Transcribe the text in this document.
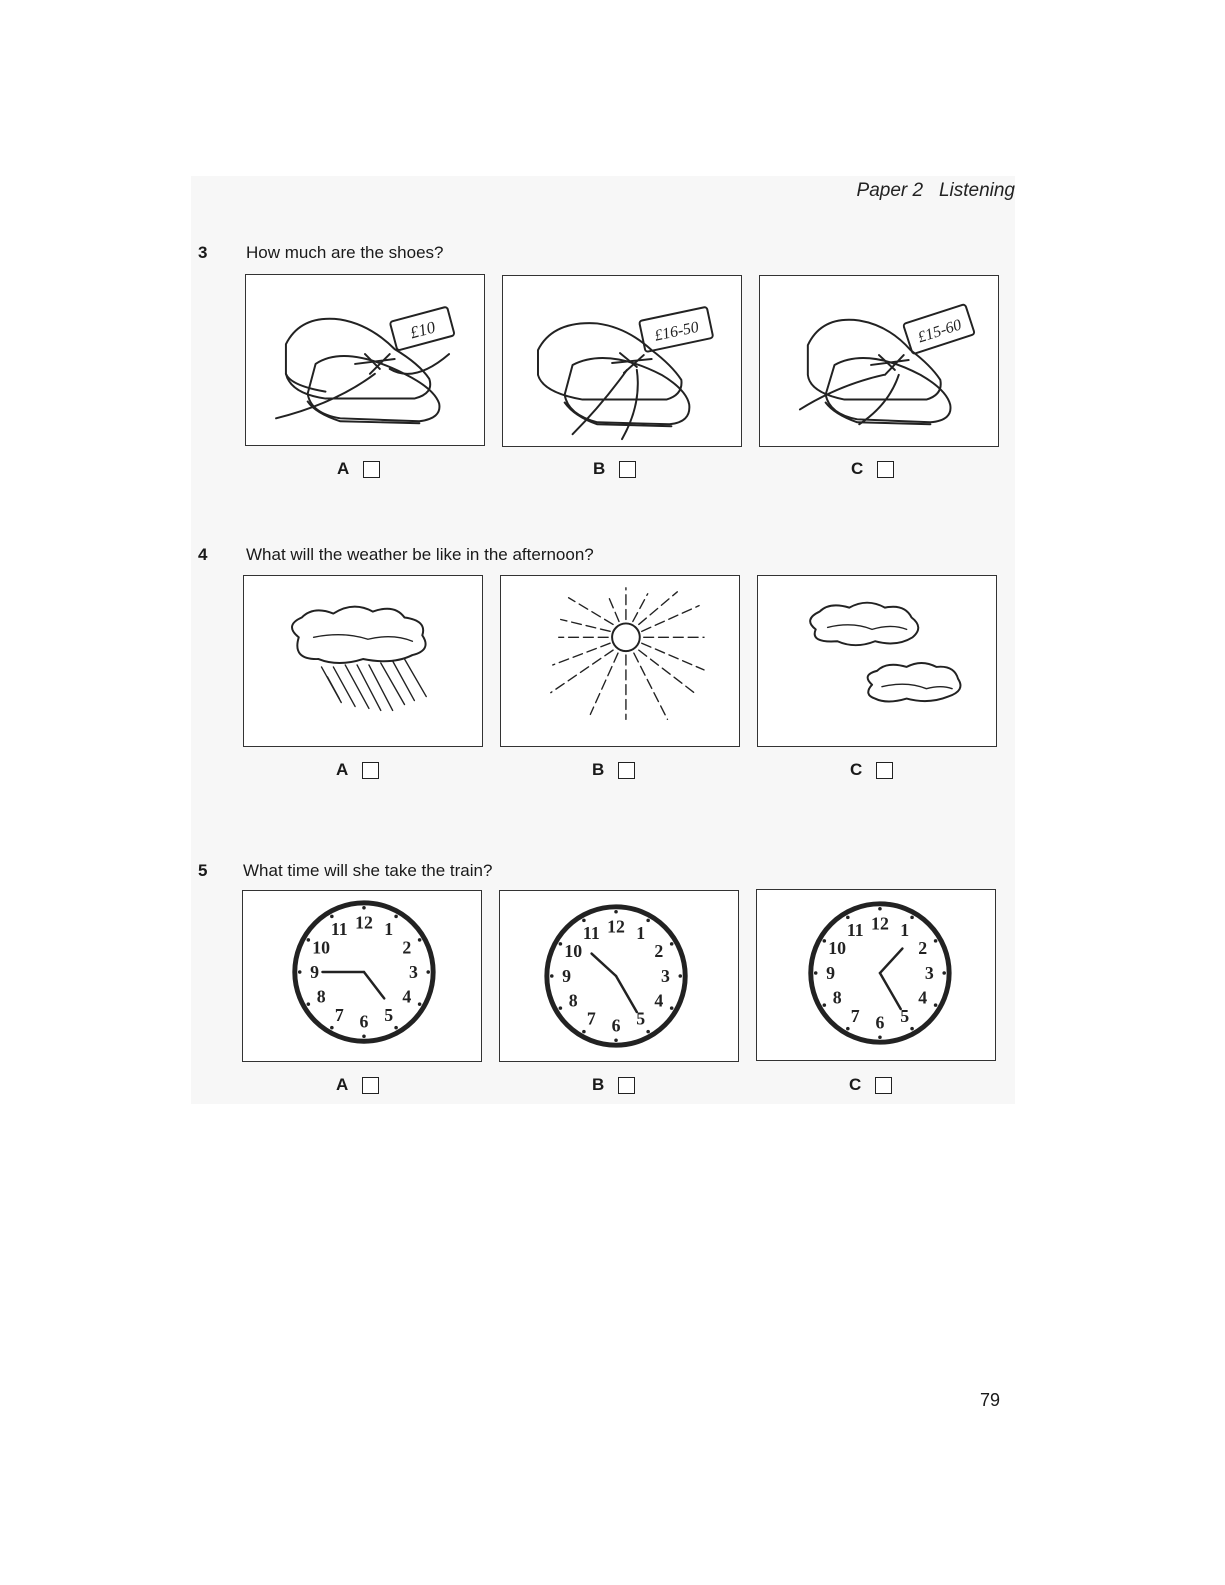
Paper 2 Listening
3 How much are the shoes?
£10	£16-50	£15-60
A	B	C
4 What will the weather be like in the afternoon?
A	B	C
5 What time will she take the train?
12 1
2
3
4
5
6
7
8
9
10
11	12 1
2
3
4
5
6
7
8
9
10
11	12 1
2
3
4
5
6
7
8
9
10
11
A	B	C
79
